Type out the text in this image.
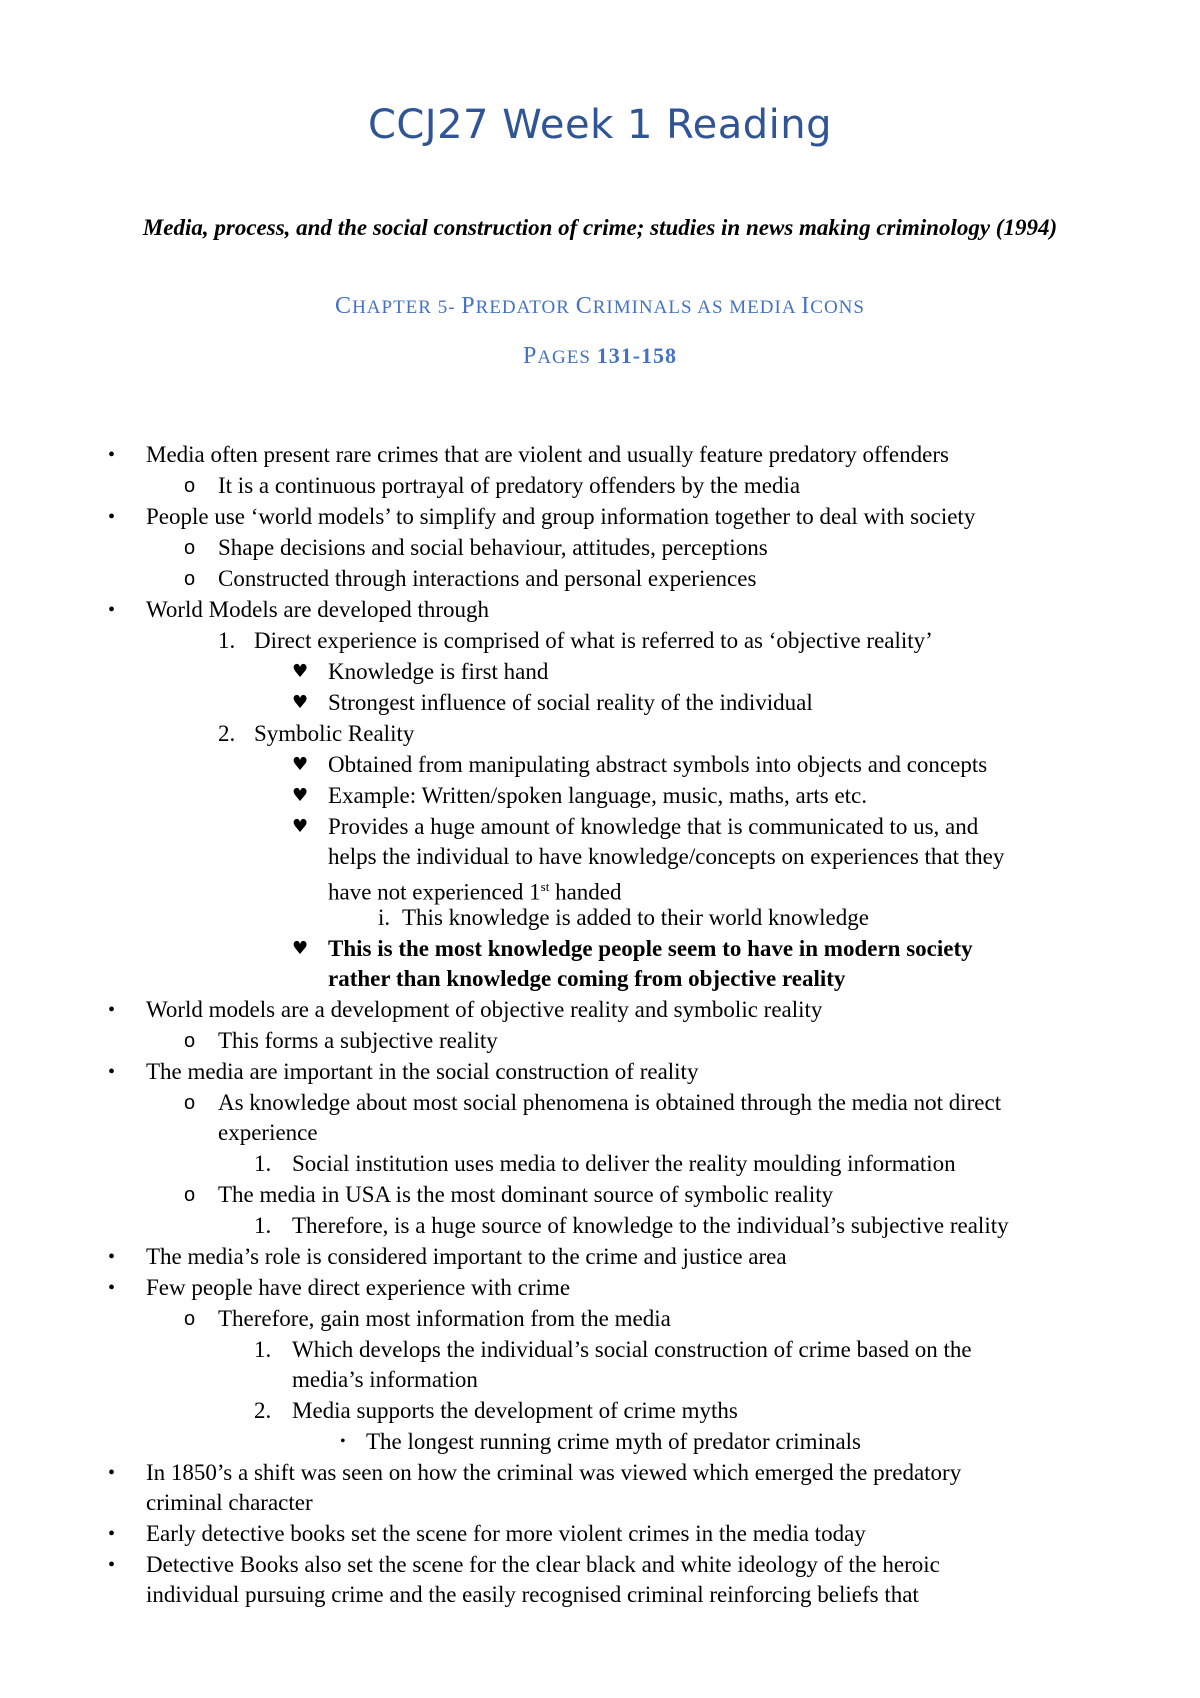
CCJ27 Week 1 Reading
Media, process, and the social construction of crime; studies in news making criminology (1994)
CHAPTER 5- PREDATOR CRIMINALS AS MEDIA ICONS
PAGES 131-158
• Media often present rare crimes that are violent and usually feature predatory offenders
o It is a continuous portrayal of predatory offenders by the media
• People use ‘world models’ to simplify and group information together to deal with society
o Shape decisions and social behaviour, attitudes, perceptions
o Constructed through interactions and personal experiences
• World Models are developed through
1. Direct experience is comprised of what is referred to as ‘objective reality’
♥ Knowledge is first hand
♥ Strongest influence of social reality of the individual
2. Symbolic Reality
♥ Obtained from manipulating abstract symbols into objects and concepts
♥ Example: Written/spoken language, music, maths, arts etc.
♥ Provides a huge amount of knowledge that is communicated to us, and
helps the individual to have knowledge/concepts on experiences that they
have not experienced 1st handed
i. This knowledge is added to their world knowledge
♥ This is the most knowledge people seem to have in modern society
rather than knowledge coming from objective reality
• World models are a development of objective reality and symbolic reality
o This forms a subjective reality
• The media are important in the social construction of reality
o As knowledge about most social phenomena is obtained through the media not direct
experience
1. Social institution uses media to deliver the reality moulding information
o The media in USA is the most dominant source of symbolic reality
1. Therefore, is a huge source of knowledge to the individual’s subjective reality
• The media’s role is considered important to the crime and justice area
• Few people have direct experience with crime
o Therefore, gain most information from the media
1. Which develops the individual’s social construction of crime based on the
media’s information
2. Media supports the development of crime myths
• The longest running crime myth of predator criminals
• In 1850’s a shift was seen on how the criminal was viewed which emerged the predatory
criminal character
• Early detective books set the scene for more violent crimes in the media today
• Detective Books also set the scene for the clear black and white ideology of the heroic
individual pursuing crime and the easily recognised criminal reinforcing beliefs that
